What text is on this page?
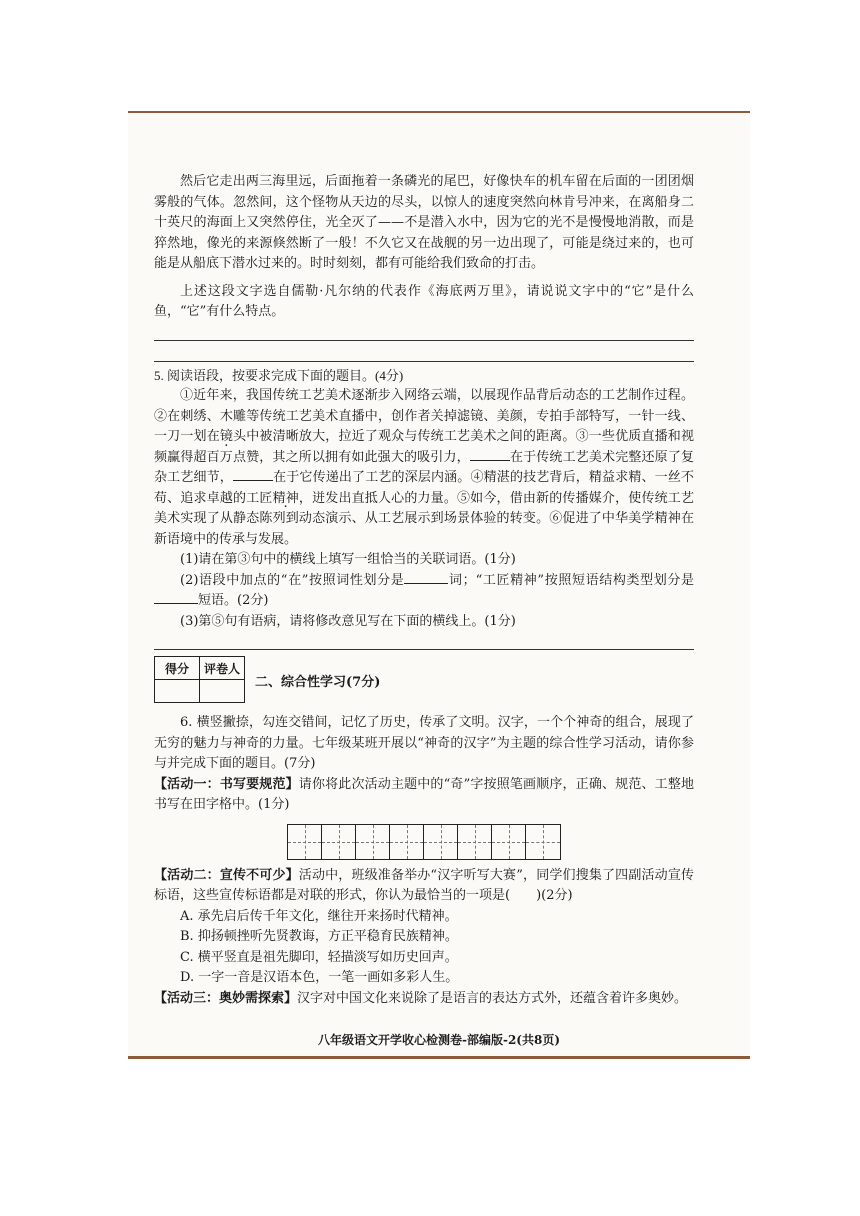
然后它走出两三海里远，后面拖着一条磷光的尾巴，好像快车的机车留在后面的一团团烟雾般的气体。忽然间，这个怪物从天边的尽头，以惊人的速度突然向林肯号冲来，在离船身二十英尺的海面上又突然停住，光全灭了——不是潜入水中，因为它的光不是慢慢地消散，而是猝然地，像光的来源倏然断了一般！不久它又在战舰的另一边出现了，可能是绕过来的，也可能是从船底下潜水过来的。时时刻刻，都有可能给我们致命的打击。

上述这段文字选自儒勒·凡尔纳的代表作《海底两万里》，请说说文字中的“它”是什么鱼，“它”有什么特点。

5. 阅读语段，按要求完成下面的题目。(4分)

①近年来，我国传统工艺美术逐渐步入网络云端，以展现作品背后动态的工艺制作过程。②在刺绣、木雕等传统工艺美术直播中，创作者关掉滤镜、美颜，专拍手部特写，一针一线、一刀一划在镜头中被清晰放大，拉近了观众与传统工艺美术之间的距离。③一些优质直播和视频赢得超百万点赞，其之所以拥有如此强大的吸引力，	在于传统工艺美术完整还原了复杂工艺细节，	在于它传递出了工艺的深层内涵。④精湛的技艺背后，精益求精、一丝不苟、追求卓越的工匠精神，迸发出直抵人心的力量。⑤如今，借由新的传播媒介，使传统工艺美术实现了从静态陈列到动态演示、从工艺展示到场景体验的转变。⑥促进了中华美学精神在新语境中的传承与发展。

(1)请在第③句中的横线上填写一组恰当的关联词语。(1分)

(2)语段中加点的“在”按照词性划分是	词；“工匠精神”按照短语结构类型划分是短语。(2分)

(3)第⑤句有语病，请将修改意见写在下面的横线上。(1分)

得分	评卷人

二、综合性学习(7分)

6. 横竖撇捺，勾连交错间，记忆了历史，传承了文明。汉字，一个个神奇的组合，展现了无穷的魅力与神奇的力量。七年级某班开展以“神奇的汉字”为主题的综合性学习活动，请你参与并完成下面的题目。(7分)

【活动一：书写要规范】请你将此次活动主题中的“奇”字按照笔画顺序，正确、规范、工整地书写在田字格中。(1分)

【活动二：宣传不可少】活动中，班级准备举办“汉字听写大赛”，同学们搜集了四副活动宣传标语，这些宣传标语都是对联的形式，你认为最恰当的一项是(　　)(2分)

A. 承先启后传千年文化，继往开来扬时代精神。

B. 抑扬顿挫听先贤教诲，方正平稳育民族精神。

C. 横平竖直是祖先脚印，轻描淡写如历史回声。

D. 一字一音是汉语本色，一笔一画如多彩人生。

【活动三：奥妙需探索】汉字对中国文化来说除了是语言的表达方式外，还蕴含着许多奥妙。

八年级语文开学收心检测卷-部编版-2(共8页)
